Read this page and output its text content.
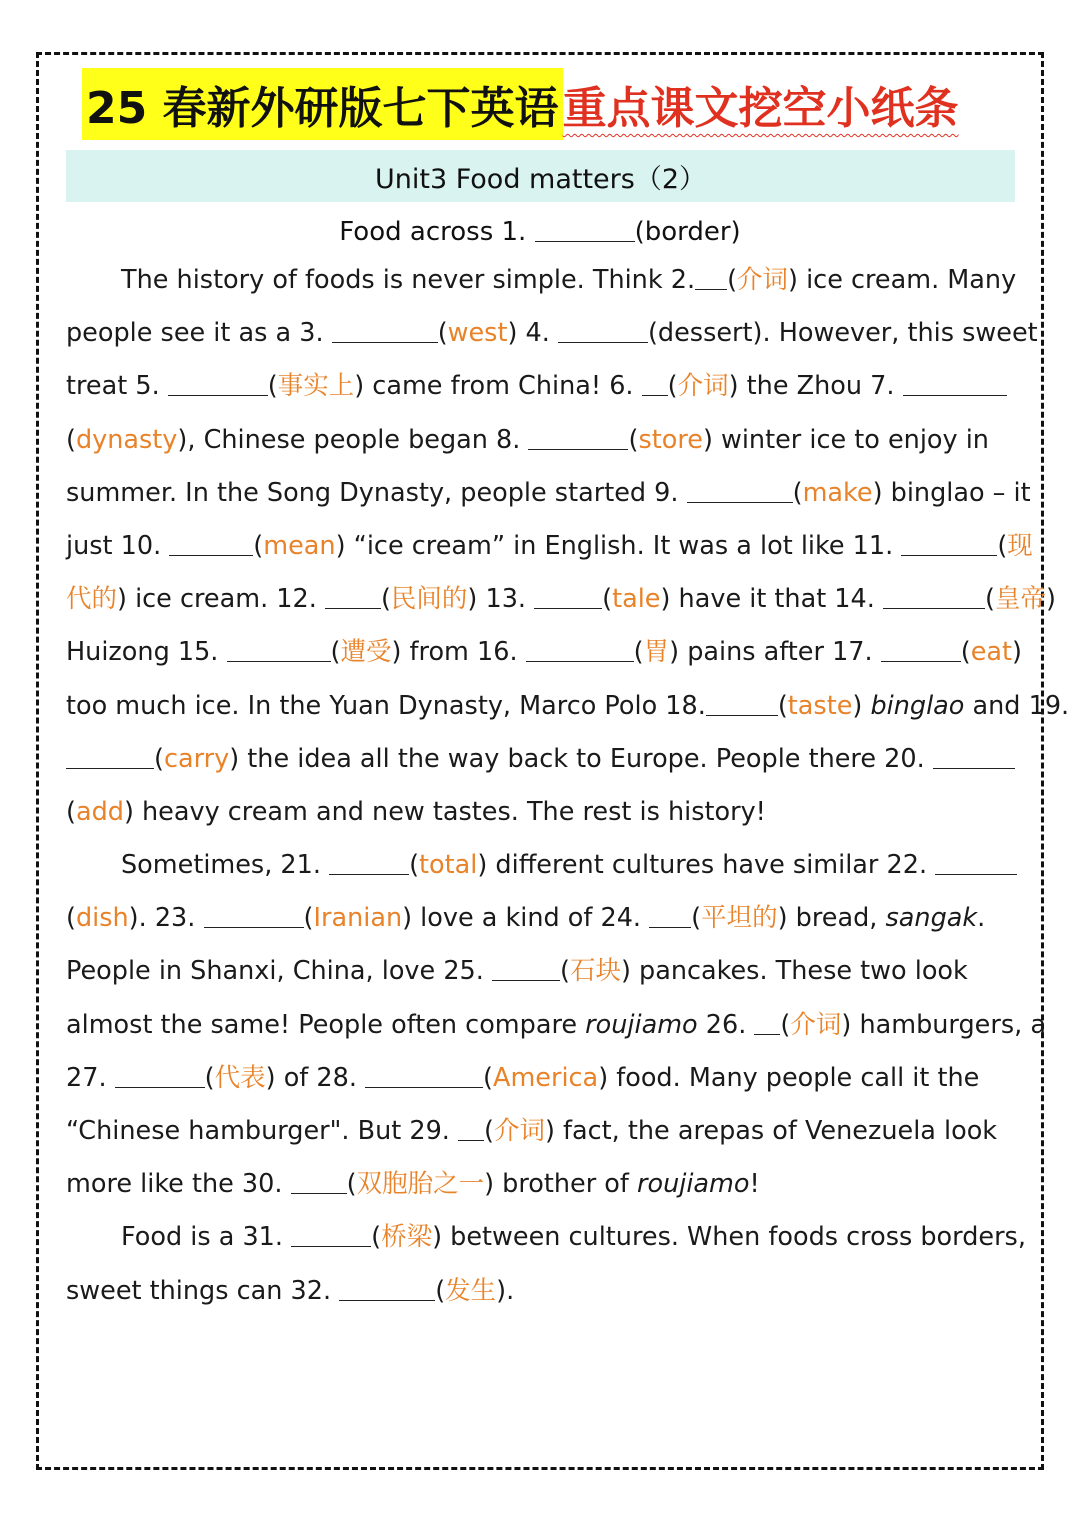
25 春新外研版七下英语 重点课文挖空小纸条
Unit3 Food matters（2）
Food across 1.	(border)
The history of foods is never simple. Think 2. (介词) ice cream. Many
people see it as a 3.	(west) 4.	(dessert). However, this sweet
treat 5.	(事实上) came from China! 6. (介词) the Zhou 7.
(dynasty), Chinese people began 8.	(store) winter ice to enjoy in
summer. In the Song Dynasty, people started 9.	(make) binglao – it
just 10.	(mean) “ice cream” in English. It was a lot like 11.	(现
代的) ice cream. 12. (民间的) 13.	(tale) have it that 14.	(皇帝)
Huizong 15.	(遭受) from 16.	(胃) pains after 17.	(eat)
too much ice. In the Yuan Dynasty, Marco Polo 18.	(taste) binglao and 19.
(carry) the idea all the way back to Europe. People there 20.
(add) heavy cream and new tastes. The rest is history!
Sometimes, 21.	(total) different cultures have similar 22.
(dish). 23.	(Iranian) love a kind of 24. (平坦的) bread, sangak.
People in Shanxi, China, love 25.	(石块) pancakes. These two look
almost the same! People often compare roujiamo 26. (介词) hamburgers, a
27.	(代表) of 28.	(America) food. Many people call it the
“Chinese hamburger". But 29. (介词) fact, the arepas of Venezuela look
more like the 30. (双胞胎之一) brother of roujiamo!
Food is a 31.	(桥梁) between cultures. When foods cross borders,
sweet things can 32.	(发生).
